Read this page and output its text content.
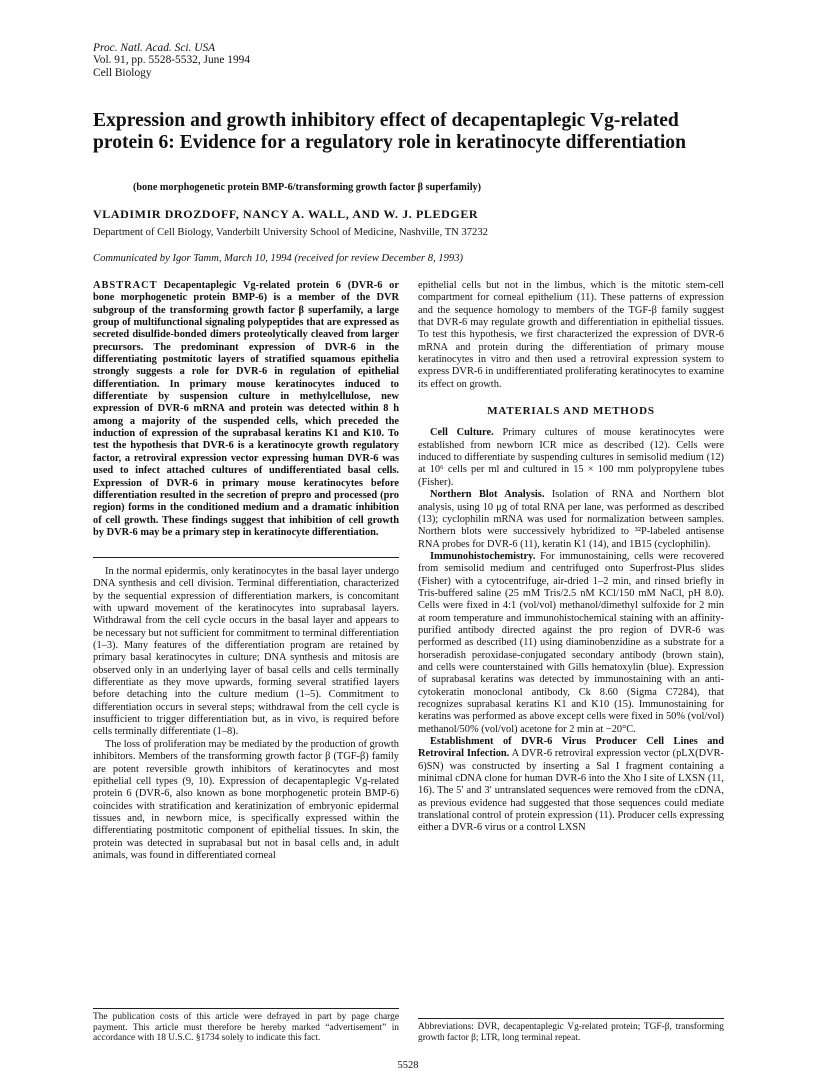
Proc. Natl. Acad. Sci. USA
Vol. 91, pp. 5528-5532, June 1994
Cell Biology
Expression and growth inhibitory effect of decapentaplegic Vg-related protein 6: Evidence for a regulatory role in keratinocyte differentiation
(bone morphogenetic protein BMP-6/transforming growth factor β superfamily)
VLADIMIR DROZDOFF, NANCY A. WALL, AND W. J. PLEDGER
Department of Cell Biology, Vanderbilt University School of Medicine, Nashville, TN 37232
Communicated by Igor Tamm, March 10, 1994 (received for review December 8, 1993)

ABSTRACT Decapentaplegic Vg-related protein 6 (DVR-6 or bone morphogenetic protein BMP-6) is a member of the DVR subgroup of the transforming growth factor β superfamily, a large group of multifunctional signaling polypeptides that are expressed as secreted disulfide-bonded dimers proteolytically cleaved from larger precursors. The predominant expression of DVR-6 in the differentiating postmitotic layers of stratified squamous epithelia strongly suggests a role for DVR-6 in regulation of epithelial differentiation. In primary mouse keratinocytes induced to differentiate by suspension culture in methylcellulose, new expression of DVR-6 mRNA and protein was detected within 8 h among a majority of the suspended cells, which preceded the induction of expression of the suprabasal keratins K1 and K10. To test the hypothesis that DVR-6 is a keratinocyte growth regulatory factor, a retroviral expression vector expressing human DVR-6 was used to infect attached cultures of undifferentiated basal cells. Expression of DVR-6 in primary mouse keratinocytes before differentiation resulted in the secretion of prepro and processed (pro region) forms in the conditioned medium and a dramatic inhibition of cell growth. These findings suggest that inhibition of cell growth by DVR-6 may be a primary step in keratinocyte differentiation.

In the normal epidermis, only keratinocytes in the basal layer undergo DNA synthesis and cell division. Terminal differentiation, characterized by the sequential expression of differentiation markers, is concomitant with upward movement of the keratinocytes into suprabasal layers. Withdrawal from the cell cycle occurs in the basal layer and appears to be necessary but not sufficient for commitment to terminal differentiation (1–3). Many features of the differentiation program are retained by primary basal keratinocytes in culture; DNA synthesis and mitosis are observed only in an underlying layer of basal cells and cells terminally differentiate as they move upwards, forming several stratified layers before detaching into the culture medium (1–5). Commitment to differentiation occurs in several steps; withdrawal from the cell cycle is insufficient to trigger differentiation but, as in vivo, is required before cells terminally differentiate (1–8).

The loss of proliferation may be mediated by the production of growth inhibitors. Members of the transforming growth factor β (TGF-β) family are potent reversible growth inhibitors of keratinocytes and most epithelial cell types (9, 10). Expression of decapentaplegic Vg-related protein 6 (DVR-6, also known as bone morphogenetic protein BMP-6) coincides with stratification and keratinization of embryonic epidermal tissues and, in newborn mice, is specifically expressed within the differentiating postmitotic component of epithelial tissues. In skin, the protein was detected in suprabasal but not in basal cells and, in adult animals, was found in differentiated corneal

epithelial cells but not in the limbus, which is the mitotic stem-cell compartment for corneal epithelium (11). These patterns of expression and the sequence homology to members of the TGF-β family suggest that DVR-6 may regulate growth and differentiation in epithelial tissues. To test this hypothesis, we first characterized the expression of DVR-6 mRNA and protein during the differentiation of primary mouse keratinocytes in vitro and then used a retroviral expression system to express DVR-6 in undifferentiated proliferating keratinocytes to examine its effect on growth.

MATERIALS AND METHODS

Cell Culture. Primary cultures of mouse keratinocytes were established from newborn ICR mice as described (12). Cells were induced to differentiate by suspending cultures in semisolid medium (12) at 10⁶ cells per ml and cultured in 15 × 100 mm polypropylene tubes (Fisher).

Northern Blot Analysis. Isolation of RNA and Northern blot analysis, using 10 μg of total RNA per lane, was performed as described (13); cyclophilin mRNA was used for normalization between samples. Northern blots were successively hybridized to ³²P-labeled antisense RNA probes for DVR-6 (11), keratin K1 (14), and 1B15 (cyclophilin).

Immunohistochemistry. For immunostaining, cells were recovered from semisolid medium and centrifuged onto Superfrost-Plus slides (Fisher) with a cytocentrifuge, air-dried 1–2 min, and rinsed briefly in Tris-buffered saline (25 mM Tris/2.5 nM KCl/150 mM NaCl, pH 8.0). Cells were fixed in 4:1 (vol/vol) methanol/dimethyl sulfoxide for 2 min at room temperature and immunohistochemical staining with an affinity-purified antibody directed against the pro region of DVR-6 was performed as described (11) using diaminobenzidine as a substrate for a horseradish peroxidase-conjugated secondary antibody (brown stain), and cells were counterstained with Gills hematoxylin (blue). Expression of suprabasal keratins was detected by immunostaining with an anti-cytokeratin monoclonal antibody, Ck 8.60 (Sigma C7284), that recognizes suprabasal keratins K1 and K10 (15). Immunostaining for keratins was performed as above except cells were fixed in 50% (vol/vol) methanol/50% (vol/vol) acetone for 2 min at −20°C.

Establishment of DVR-6 Virus Producer Cell Lines and Retroviral Infection. A DVR-6 retroviral expression vector (pLX(DVR-6)SN) was constructed by inserting a Sal I fragment containing a minimal cDNA clone for human DVR-6 into the Xho I site of LXSN (11, 16). The 5′ and 3′ untranslated sequences were removed from the cDNA, as previous evidence had suggested that those sequences could mediate translational control of protein expression (11). Producer cells expressing either a DVR-6 virus or a control LXSN

The publication costs of this article were defrayed in part by page charge payment. This article must therefore be hereby marked “advertisement” in accordance with 18 U.S.C. §1734 solely to indicate this fact.
Abbreviations: DVR, decapentaplegic Vg-related protein; TGF-β, transforming growth factor β; LTR, long terminal repeat.
5528
